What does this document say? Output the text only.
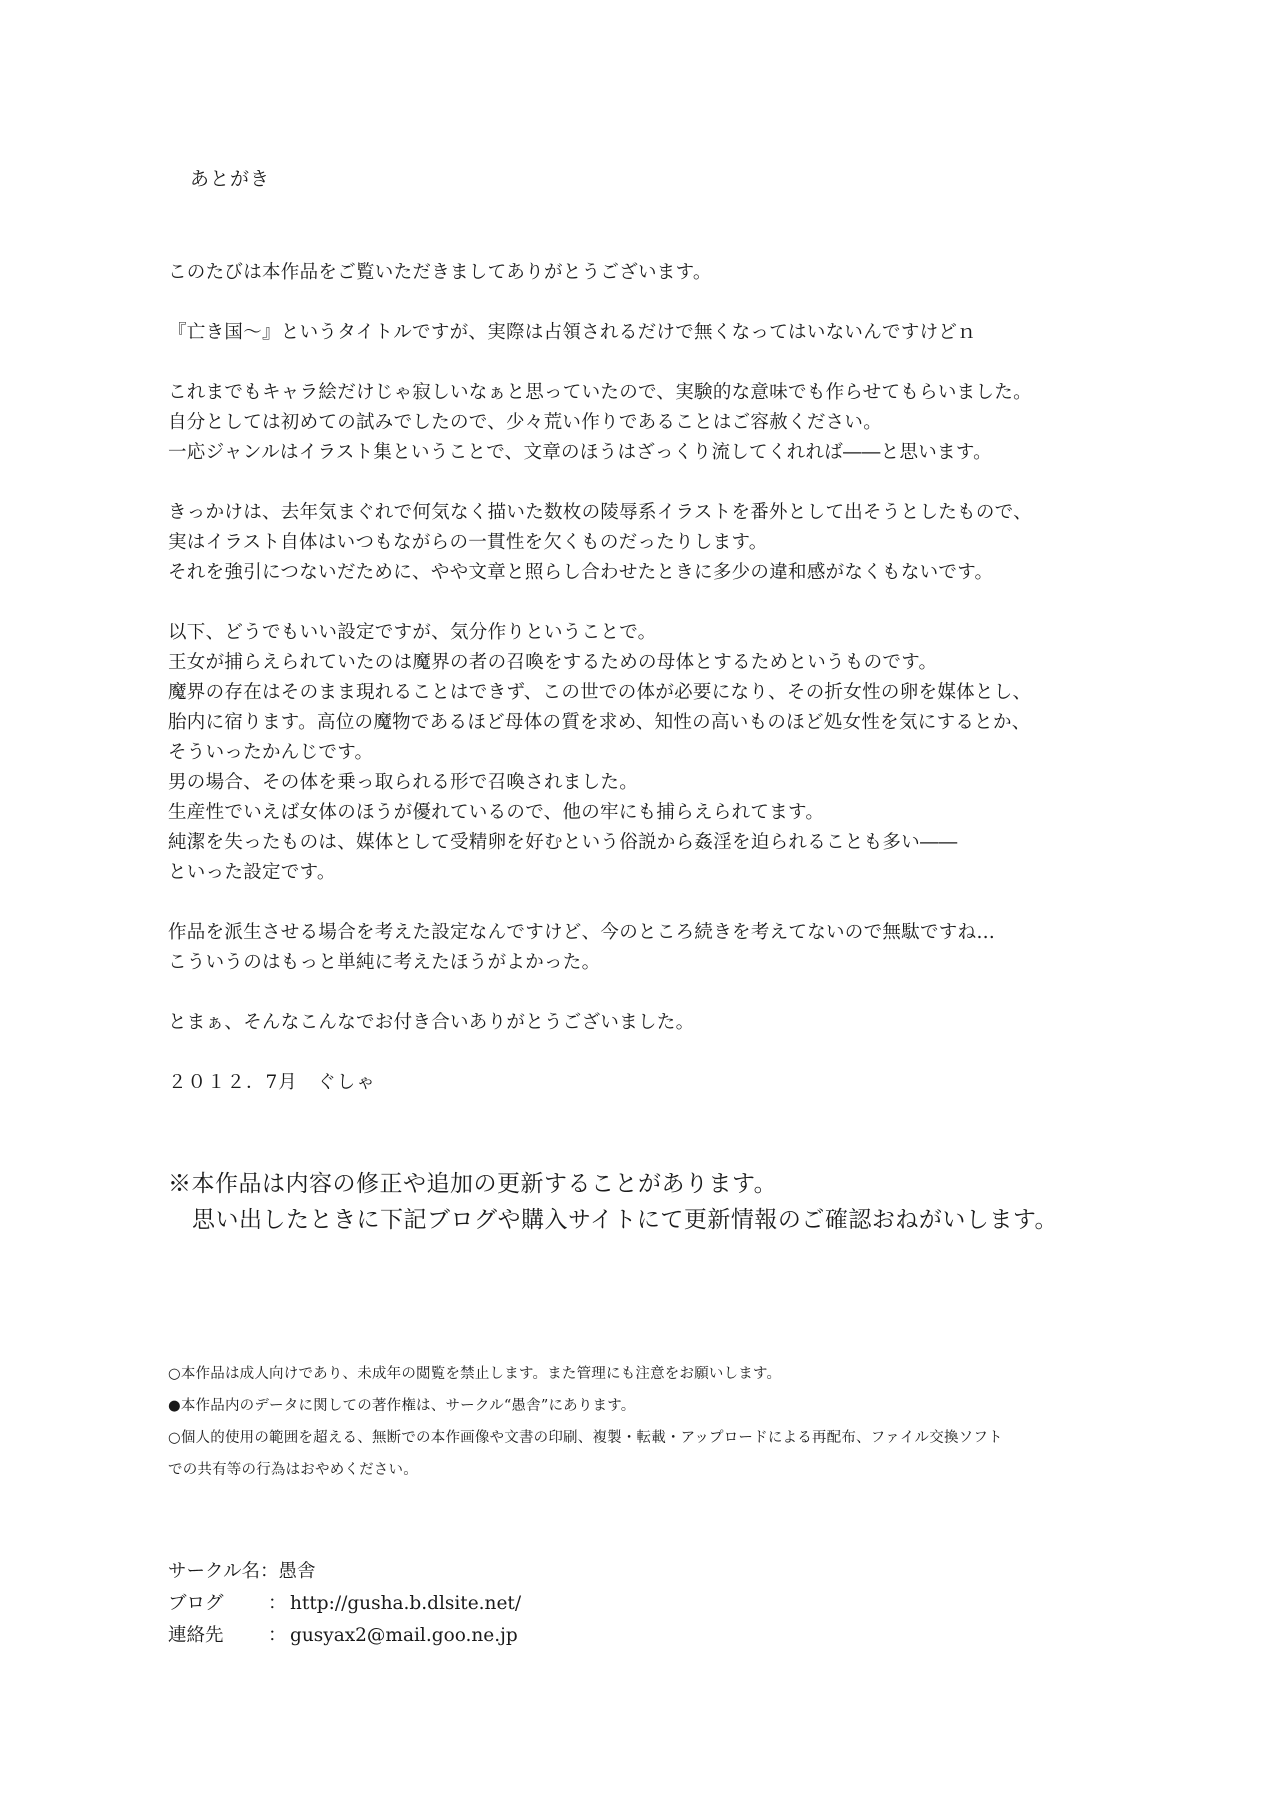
あとがき
このたびは本作品をご覧いただきましてありがとうございます。
『亡き国～』というタイトルですが、実際は占領されるだけで無くなってはいないんですけどｎ
これまでもキャラ絵だけじゃ寂しいなぁと思っていたので、実験的な意味でも作らせてもらいました。
自分としては初めての試みでしたので、少々荒い作りであることはご容赦ください。
一応ジャンルはイラスト集ということで、文章のほうはざっくり流してくれれば――と思います。
きっかけは、去年気まぐれで何気なく描いた数枚の陵辱系イラストを番外として出そうとしたもので、
実はイラスト自体はいつもながらの一貫性を欠くものだったりします。
それを強引につないだために、やや文章と照らし合わせたときに多少の違和感がなくもないです。
以下、どうでもいい設定ですが、気分作りということで。
王女が捕らえられていたのは魔界の者の召喚をするための母体とするためというものです。
魔界の存在はそのまま現れることはできず、この世での体が必要になり、その折女性の卵を媒体とし、
胎内に宿ります。高位の魔物であるほど母体の質を求め、知性の高いものほど処女性を気にするとか、
そういったかんじです。
男の場合、その体を乗っ取られる形で召喚されました。
生産性でいえば女体のほうが優れているので、他の牢にも捕らえられてます。
純潔を失ったものは、媒体として受精卵を好むという俗説から姦淫を迫られることも多い――
といった設定です。
作品を派生させる場合を考えた設定なんですけど、今のところ続きを考えてないので無駄ですね…
こういうのはもっと単純に考えたほうがよかった。
とまぁ、そんなこんなでお付き合いありがとうございました。
２０１２．7月　ぐしゃ
※本作品は内容の修正や追加の更新することがあります。
思い出したときに下記ブログや購入サイトにて更新情報のご確認おねがいします。
○本作品は成人向けであり、未成年の閲覧を禁止します。また管理にも注意をお願いします。
●本作品内のデータに関しての著作権は、サークル“愚舎”にあります。
○個人的使用の範囲を超える、無断での本作画像や文書の印刷、複製・転載・アップロードによる再配布、ファイル交換ソフト
での共有等の行為はおやめください。
サークル名： 愚舎
ブログ	： http://gusha.b.dlsite.net/
連絡先	： gusyax2@mail.goo.ne.jp
